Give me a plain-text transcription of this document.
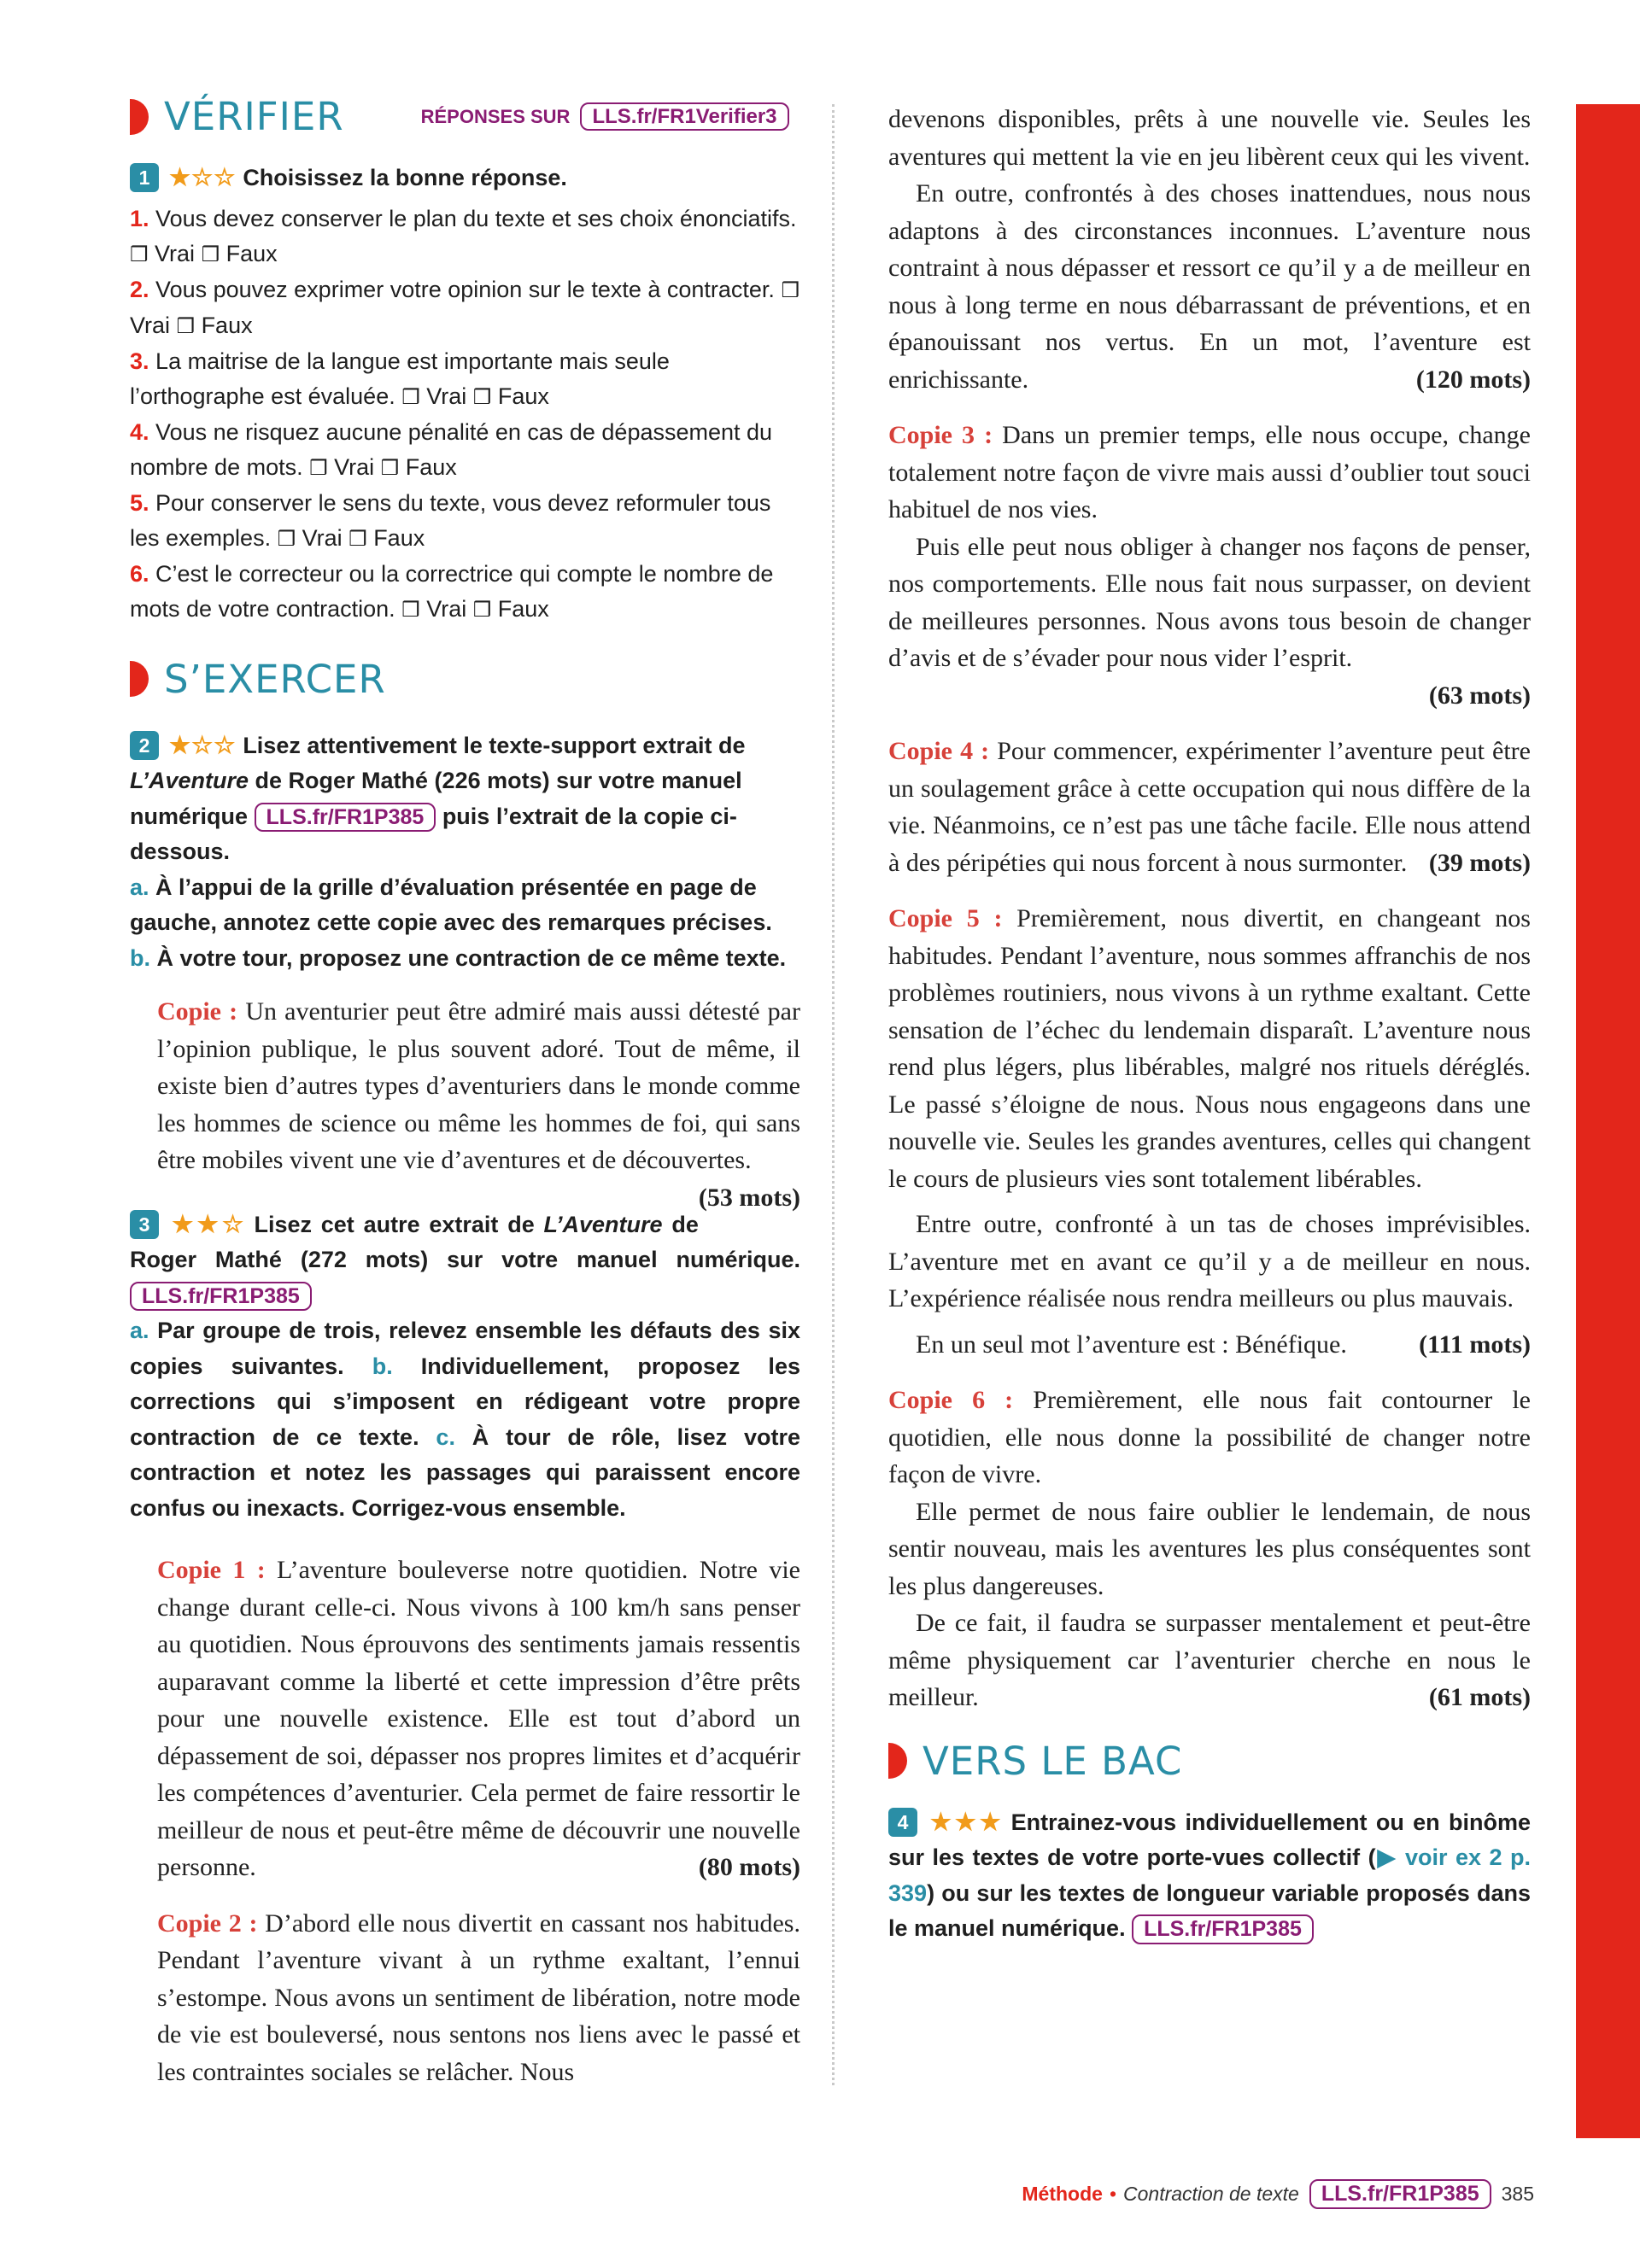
VÉRIFIER	RÉPONSES SUR	LLS.fr/FR1Verifier3
1 ★☆☆ Choisissez la bonne réponse.
1. Vous devez conserver le plan du texte et ses choix énonciatifs. ❒ Vrai ❒ Faux
2. Vous pouvez exprimer votre opinion sur le texte à contracter. ❒ Vrai ❒ Faux
3. La maitrise de la langue est importante mais seule l’orthographe est évaluée. ❒ Vrai ❒ Faux
4. Vous ne risquez aucune pénalité en cas de dépassement du nombre de mots. ❒ Vrai ❒ Faux
5. Pour conserver le sens du texte, vous devez reformuler tous les exemples. ❒ Vrai ❒ Faux
6. C’est le correcteur ou la correctrice qui compte le nombre de mots de votre contraction. ❒ Vrai ❒ Faux
S’EXERCER
2 ★☆☆ Lisez attentivement le texte-support extrait de L’Aventure de Roger Mathé (226 mots) sur votre manuel numérique LLS.fr/FR1P385 puis l’extrait de la copie ci-dessous.
a. À l’appui de la grille d’évaluation présentée en page de gauche, annotez cette copie avec des remarques précises.
b. À votre tour, proposez une contraction de ce même texte.

Copie : Un aventurier peut être admiré mais aussi détesté par l’opinion publique, le plus souvent adoré. Tout de même, il existe bien d’autres types d’aventuriers dans le monde comme les hommes de science ou même les hommes de foi, qui sans être mobiles vivent une vie d’aventures et de découvertes.
(53 mots)

3 ★★☆ Lisez cet autre extrait de L’Aventure de Roger Mathé (272 mots) sur votre manuel numérique. LLS.fr/FR1P385
a. Par groupe de trois, relevez ensemble les défauts des six copies suivantes. b. Individuellement, proposez les corrections qui s’imposent en rédigeant votre propre contraction de ce texte. c. À tour de rôle, lisez votre contraction et notez les passages qui paraissent encore confus ou inexacts. Corrigez-vous ensemble.

Copie 1 : L’aventure bouleverse notre quotidien. Notre vie change durant celle-ci. Nous vivons à 100 km/h sans penser au quotidien. Nous éprouvons des sentiments jamais ressentis auparavant comme la liberté et cette impression d’être prêts pour une nouvelle existence. Elle est tout d’abord un dépassement de soi, dépasser nos propres limites et d’acquérir les compétences d’aventurier. Cela permet de faire ressortir le meilleur de nous et peut-être même de découvrir une nouvelle personne.	(80 mots)

Copie 2 : D’abord elle nous divertit en cassant nos habitudes. Pendant l’aventure vivant à un rythme exaltant, l’ennui s’estompe. Nous avons un sentiment de libération, notre mode de vie est bouleversé, nous sentons nos liens avec le passé et les contraintes sociales se relâcher. Nous

devenons disponibles, prêts à une nouvelle vie. Seules les aventures qui mettent la vie en jeu libèrent ceux qui les vivent.

En outre, confrontés à des choses inattendues, nous nous adaptons à des circonstances inconnues. L’aventure nous contraint à nous dépasser et ressort ce qu’il y a de meilleur en nous à long terme en nous débarrassant de préventions, et en épanouissant nos vertus. En un mot, l’aventure est enrichissante.	(120 mots)

Copie 3 : Dans un premier temps, elle nous occupe, change totalement notre façon de vivre mais aussi d’oublier tout souci habituel de nos vies.

Puis elle peut nous obliger à changer nos façons de penser, nos comportements. Elle nous fait nous surpasser, on devient de meilleures personnes. Nous avons tous besoin de changer d’avis et de s’évader pour nous vider l’esprit.

(63 mots)

Copie 4 : Pour commencer, expérimenter l’aventure peut être un soulagement grâce à cette occupation qui nous diffère de la vie. Néanmoins, ce n’est pas une tâche facile. Elle nous attend à des péripéties qui nous forcent à nous surmonter. (39 mots)

Copie 5 : Premièrement, nous divertit, en changeant nos habitudes. Pendant l’aventure, nous sommes affranchis de nos problèmes routiniers, nous vivons à un rythme exaltant. Cette sensation de l’échec du lendemain disparaît. L’aventure nous rend plus légers, plus libérables, malgré nos rituels déréglés. Le passé s’éloigne de nous. Nous nous engageons dans une nouvelle vie. Seules les grandes aventures, celles qui changent le cours de plusieurs vies sont totalement libérables.

Entre outre, confronté à un tas de choses imprévisibles. L’aventure met en avant ce qu’il y a de meilleur en nous. L’expérience réalisée nous rendra meilleurs ou plus mauvais.

En un seul mot l’aventure est : Bénéfique.	(111 mots)

Copie 6 : Premièrement, elle nous fait contourner le quotidien, elle nous donne la possibilité de changer notre façon de vivre.

Elle permet de nous faire oublier le lendemain, de nous sentir nouveau, mais les aventures les plus conséquentes sont les plus dangereuses.

De ce fait, il faudra se surpasser mentalement et peut-être même physiquement car l’aventurier cherche en nous le meilleur.	(61 mots)

VERS LE BAC
4 ★★★ Entrainez-vous individuellement ou en binôme sur les textes de votre porte-vues collectif (▶ voir ex 2 p. 339) ou sur les textes de longueur variable proposés dans le manuel numérique. LLS.fr/FR1P385
Méthode • Contraction de texte	LLS.fr/FR1P385	385
